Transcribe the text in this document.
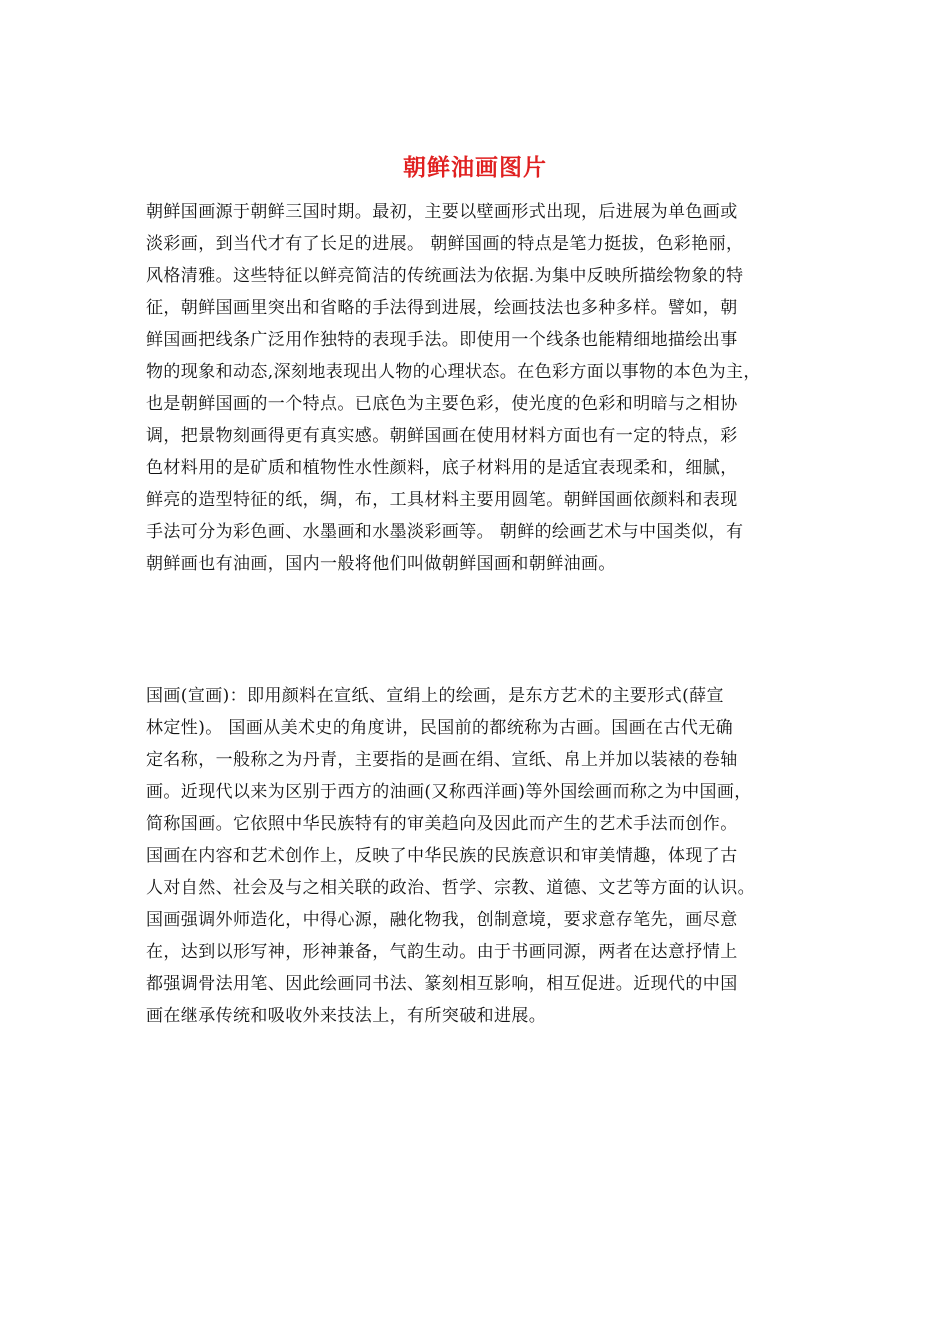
朝鲜油画图片
朝鲜国画源于朝鲜三国时期。最初，主要以壁画形式出现，后进展为单色画或
淡彩画，到当代才有了长足的进展。 朝鲜国画的特点是笔力挺拔，色彩艳丽，
风格清雅。这些特征以鲜亮简洁的传统画法为依据.为集中反映所描绘物象的特
征，朝鲜国画里突出和省略的手法得到进展，绘画技法也多种多样。譬如，朝
鲜国画把线条广泛用作独特的表现手法。即使用一个线条也能精细地描绘出事
物的现象和动态,深刻地表现出人物的心理状态。在色彩方面以事物的本色为主，
也是朝鲜国画的一个特点。已底色为主要色彩，使光度的色彩和明暗与之相协
调，把景物刻画得更有真实感。朝鲜国画在使用材料方面也有一定的特点，彩
色材料用的是矿质和植物性水性颜料，底子材料用的是适宜表现柔和，细腻，
鲜亮的造型特征的纸，绸，布，工具材料主要用圆笔。朝鲜国画依颜料和表现
手法可分为彩色画、水墨画和水墨淡彩画等。 朝鲜的绘画艺术与中国类似，有
朝鲜画也有油画，国内一般将他们叫做朝鲜国画和朝鲜油画。
国画(宣画)：即用颜料在宣纸、宣绢上的绘画，是东方艺术的主要形式(薛宣
林定性)。 国画从美术史的角度讲，民国前的都统称为古画。国画在古代无确
定名称，一般称之为丹青，主要指的是画在绢、宣纸、帛上并加以装裱的卷轴
画。近现代以来为区别于西方的油画(又称西洋画)等外国绘画而称之为中国画，
简称国画。它依照中华民族特有的审美趋向及因此而产生的艺术手法而创作。
国画在内容和艺术创作上，反映了中华民族的民族意识和审美情趣，体现了古
人对自然、社会及与之相关联的政治、哲学、宗教、道德、文艺等方面的认识。
国画强调外师造化，中得心源，融化物我，创制意境，要求意存笔先，画尽意
在，达到以形写神，形神兼备，气韵生动。由于书画同源，两者在达意抒情上
都强调骨法用笔、因此绘画同书法、篆刻相互影响，相互促进。近现代的中国
画在继承传统和吸收外来技法上，有所突破和进展。
